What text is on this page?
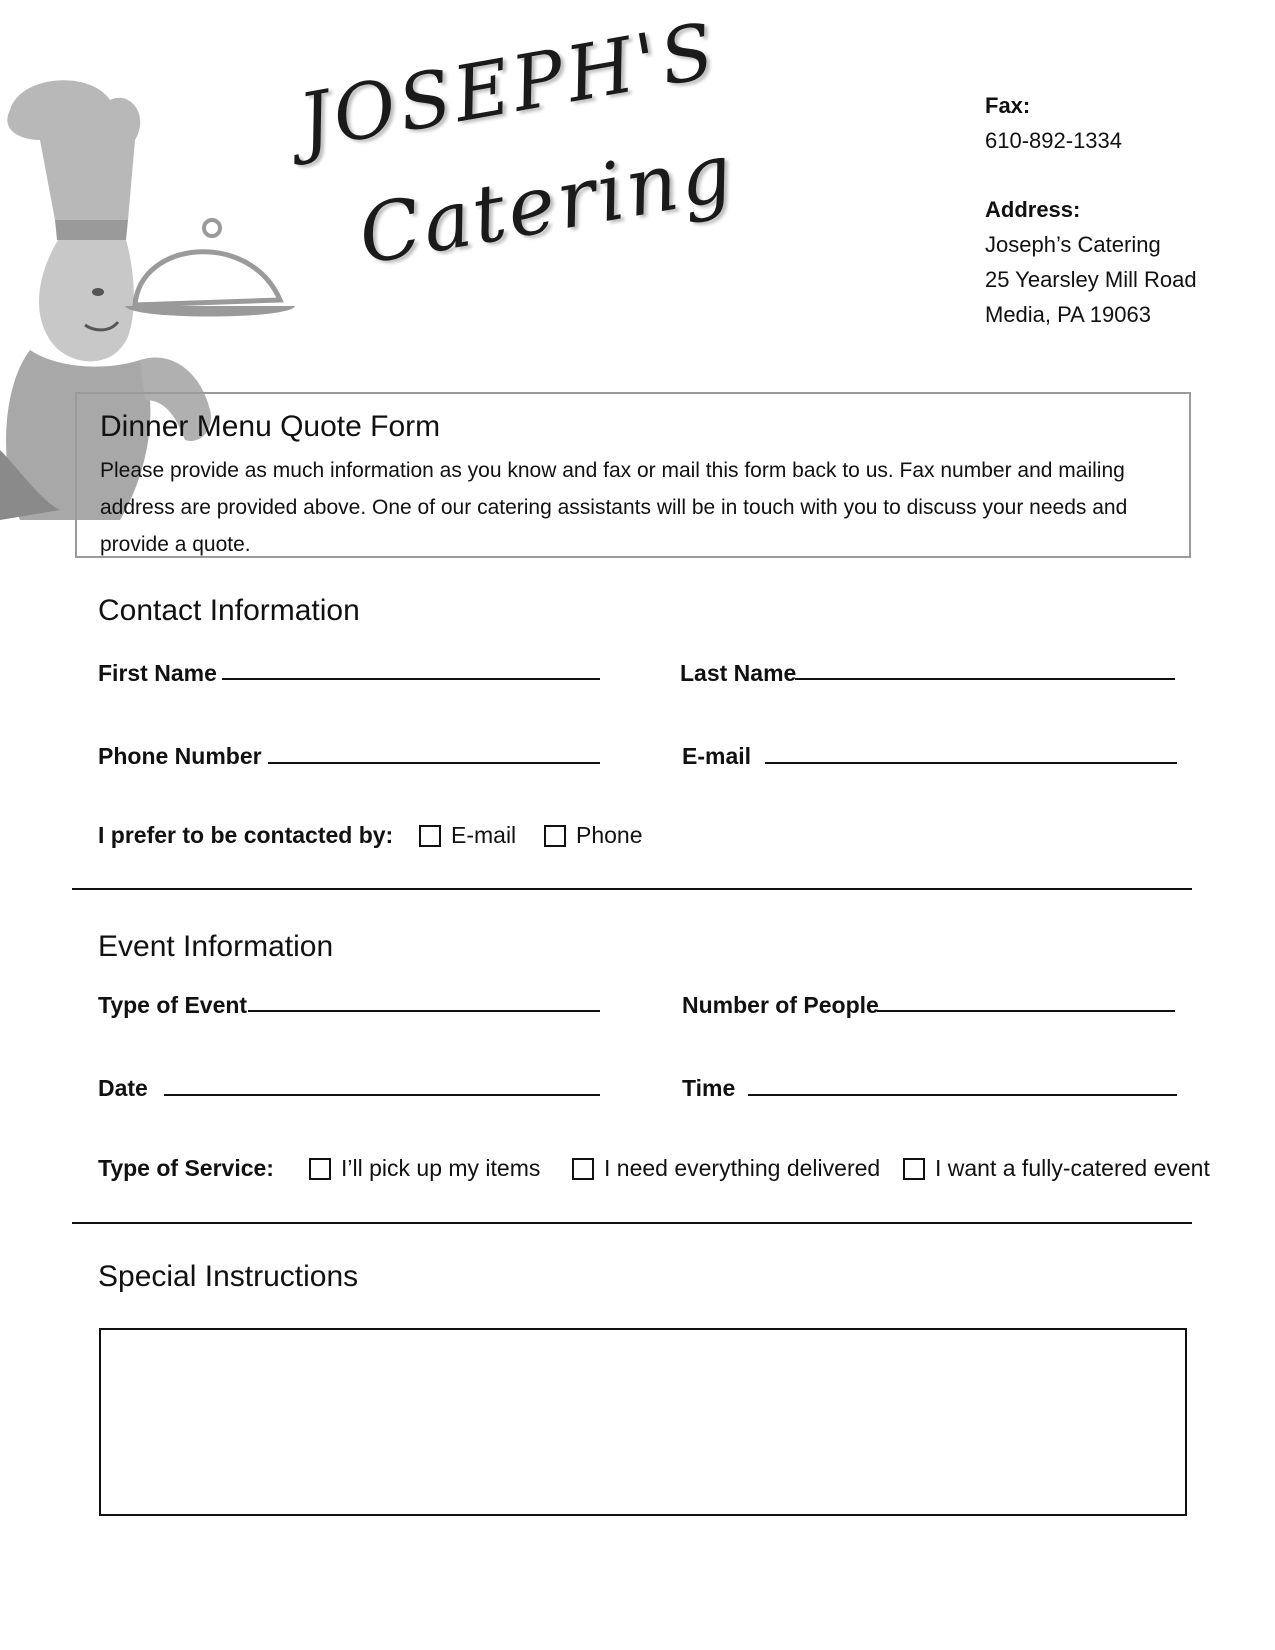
JOSEPH'S
Catering
Fax:
610-892-1334
Address:
Joseph’s Catering
25 Yearsley Mill Road
Media, PA 19063
Dinner Menu Quote Form
Please provide as much information as you know and fax or mail this form back to us. Fax number and mailing address are provided above. One of our catering assistants will be in touch with you to discuss your needs and provide a quote.
Contact Information
First Name	Last Name
Phone Number	E-mail
I prefer to be contacted by:	E-mail	Phone
Event Information
Type of Event	Number of People
Date	Time
Type of Service:	I’ll pick up my items	I need everything delivered I want a fully-catered event
Special Instructions
